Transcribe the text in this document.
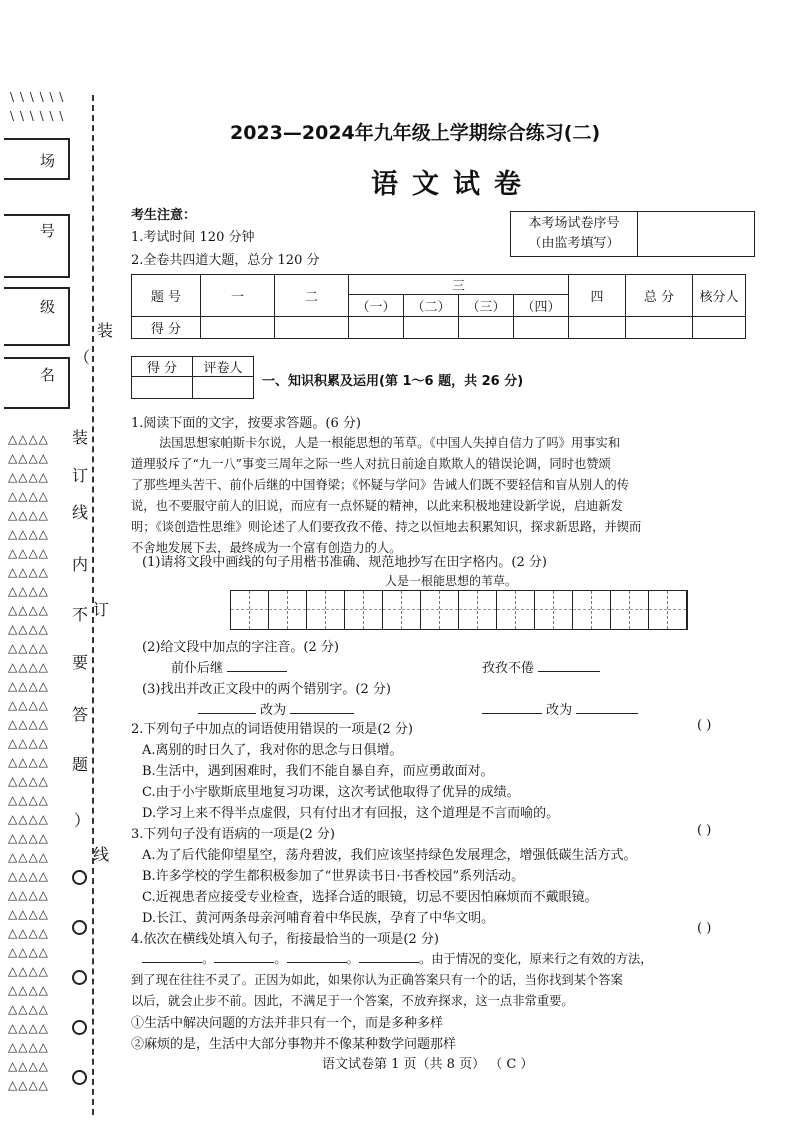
\ \ \ \ \ \
\ \ \ \ \ \
场
号
级
名
装
（
装
订
线
）
订
线
内
不
要
答
题
△△△△
△△△△
△△△△
△△△△
△△△△
△△△△
△△△△
△△△△
△△△△
△△△△
△△△△
△△△△
△△△△
△△△△
△△△△
△△△△
△△△△
△△△△
△△△△
△△△△
△△△△
△△△△
△△△△
△△△△
△△△△
△△△△
△△△△
△△△△
△△△△
△△△△
△△△△
△△△△
△△△△
△△△△
△△△△
2023—2024年九年级上学期综合练习(二)
语文试卷
考生注意：
1.考试时间 120 分钟
2.全卷共四道大题，总分 120 分
本考场试卷序号
（由监考填写）

题 号	一	二	三				四	总 分	核分人
			（一）	（二）	（三）	（四）			
得 分									
得 分	评卷人

一、知识积累及运用(第 1～6 题，共 26 分)
1.阅读下面的文字，按要求答题。(6 分)
法国思想家帕斯卡尔说，人是一根能思想的苇草。《中国人失掉自信力了吗》用事实和
道理驳斥了“九一八”事变三周年之际一些人对抗日前途自欺欺人的错误论调，同时也赞颂
了那些埋头苦干、前仆后继的中国脊梁；《怀疑与学问》告诫人们既不要轻信和盲从别人的传
说，也不要服守前人的旧说，而应有一点怀疑的精神，以此来积极地建设新学说，启迪新发
明；《谈创造性思维》则论述了人们要孜孜不倦、持之以恒地去积累知识，探求新思路，并锲而
不舍地发展下去，最终成为一个富有创造力的人。
(1)请将文段中画线的句子用楷书准确、规范地抄写在田字格内。(2 分)
人是一根能思想的苇草。
(2)给文段中加点的字注音。(2 分)
前仆后继	孜孜不倦
(3)找出并改正文段中的两个错别字。(2 分)
改为	改为
2.下列句子中加点的词语使用错误的一项是(2 分)	( )
A.离别的时日久了，我对你的思念与日俱增。
B.生活中，遇到困难时，我们不能自暴自弃，而应勇敢面对。
C.由于小宇歇斯底里地复习功课，这次考试他取得了优异的成绩。
D.学习上来不得半点虚假，只有付出才有回报，这个道理是不言而喻的。
3.下列句子没有语病的一项是(2 分)	( )
A.为了后代能仰望星空，荡舟碧波，我们应该坚持绿色发展理念，增强低碳生活方式。
B.许多学校的学生都积极参加了“世界读书日·书香校园”系列活动。
C.近视患者应接受专业检查，选择合适的眼镜，切忌不要因怕麻烦而不戴眼镜。
D.长江、黄河两条母亲河哺育着中华民族，孕育了中华文明。
4.依次在横线处填入句子，衔接最恰当的一项是(2 分)
( )
。	。	。	。由于情况的变化，原来行之有效的方法，
到了现在往往不灵了。正因为如此，如果你认为正确答案只有一个的话，当你找到某个答案
以后，就会止步不前。因此，不满足于一个答案，不放弃探求，这一点非常重要。
①生活中解决问题的方法并非只有一个，而是多种多样
②麻烦的是，生活中大部分事物并不像某种数学问题那样
语文试卷第 1 页（共 8 页） （ C ）
